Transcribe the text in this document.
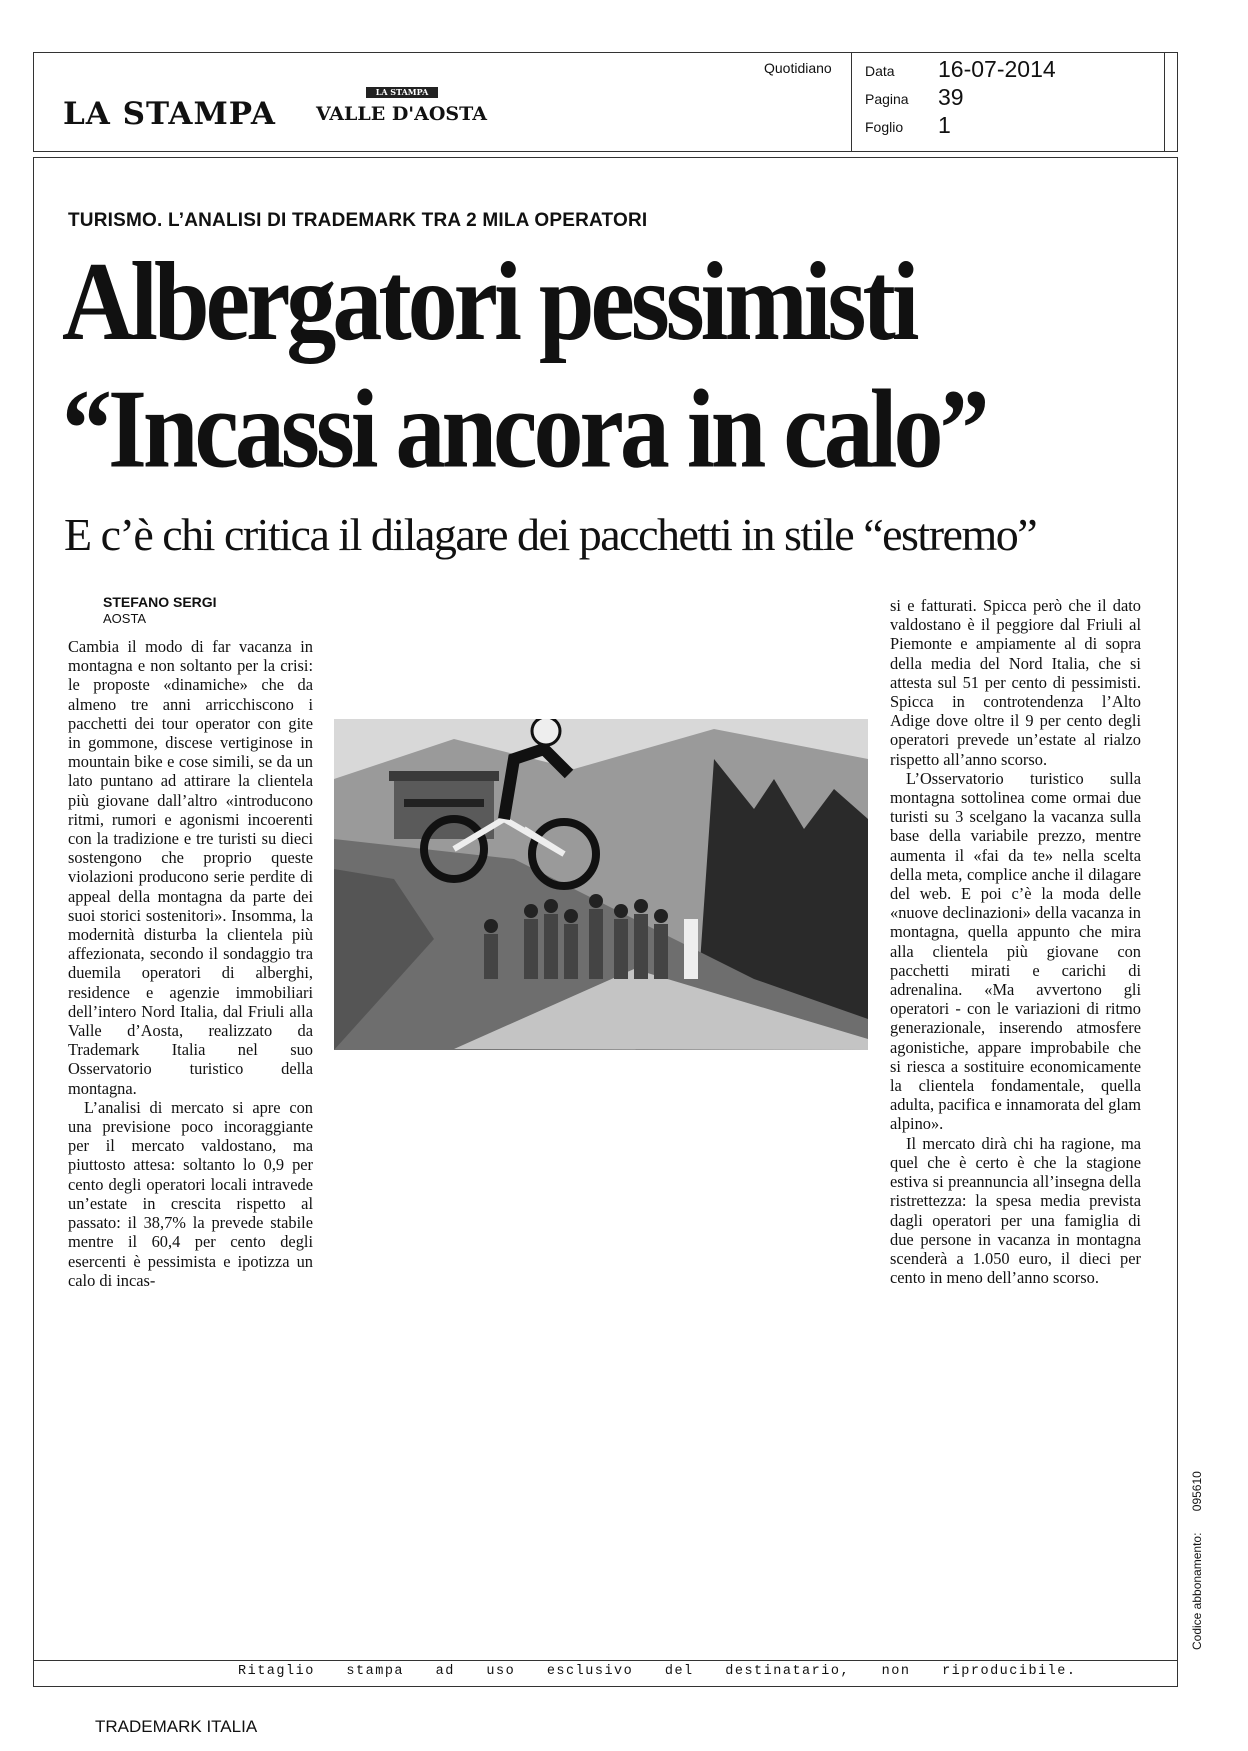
LA STAMPA
LA STAMPA
VALLE D'AOSTA
Quotidiano Data 16-07-2014
Pagina 39
Foglio 1
TURISMO. L’ANALISI DI TRADEMARK TRA 2 MILA OPERATORI
Albergatori pessimisti
“Incassi ancora in calo”
E c’è chi critica il dilagare dei pacchetti in stile “estremo”
STEFANO SERGI
AOSTA

Cambia il modo di far vacanza in montagna e non soltanto per la crisi: le proposte «dinamiche» che da almeno tre anni arricchiscono i pacchetti dei tour operator con gite in gommone, discese vertiginose in mountain bike e cose simili, se da un lato puntano ad attirare la clientela più giovane dall’altro «introducono ritmi, rumori e agonismi incoerenti con la tradizione e tre turisti su dieci sostengono che proprio queste violazioni producono serie perdite di appeal della montagna da parte dei suoi storici sostenitori». Insomma, la modernità disturba la clientela più affezionata, secondo il sondaggio tra duemila operatori di alberghi, residence e agenzie immobiliari dell’intero Nord Italia, dal Friuli alla Valle d’Aosta, realizzato da Trademark Italia nel suo Osservatorio turistico della montagna.

L’analisi di mercato si apre con una previsione poco incoraggiante per il mercato valdostano, ma piuttosto attesa: soltanto lo 0,9 per cento degli operatori locali intravede un’estate in crescita rispetto al passato: il 38,7% la prevede stabile mentre il 60,4 per cento degli esercenti è pessimista e ipotizza un calo di incas-

si e fatturati. Spicca però che il dato valdostano è il peggiore dal Friuli al Piemonte e ampiamente al di sopra della media del Nord Italia, che si attesta sul 51 per cento di pessimisti. Spicca in controtendenza l’Alto Adige dove oltre il 9 per cento degli operatori prevede un’estate al rialzo rispetto all’anno scorso.

L’Osservatorio turistico sulla montagna sottolinea come ormai due turisti su 3 scelgano la vacanza sulla base della variabile prezzo, mentre aumenta il «fai da te» nella scelta della meta, complice anche il dilagare del web. E poi c’è la moda delle «nuove declinazioni» della vacanza in montagna, quella appunto che mira alla clientela più giovane con pacchetti mirati e carichi di adrenalina. «Ma avvertono gli operatori - con le variazioni di ritmo generazionale, inserendo atmosfere agonistiche, appare improbabile che si riesca a sostituire economicamente la clientela fondamentale, quella adulta, pacifica e innamorata del glam alpino».

Il mercato dirà chi ha ragione, ma quel che è certo è che la stagione estiva si preannuncia all’insegna della ristrettezza: la spesa media prevista dagli operatori per una famiglia di due persone in vacanza in montagna scenderà a 1.050 euro, il dieci per cento in meno dell’anno scorso.

Ritaglio stampa ad uso esclusivo del destinatario, non riproducibile.
Codice abbonamento: 095610
TRADEMARK ITALIA
